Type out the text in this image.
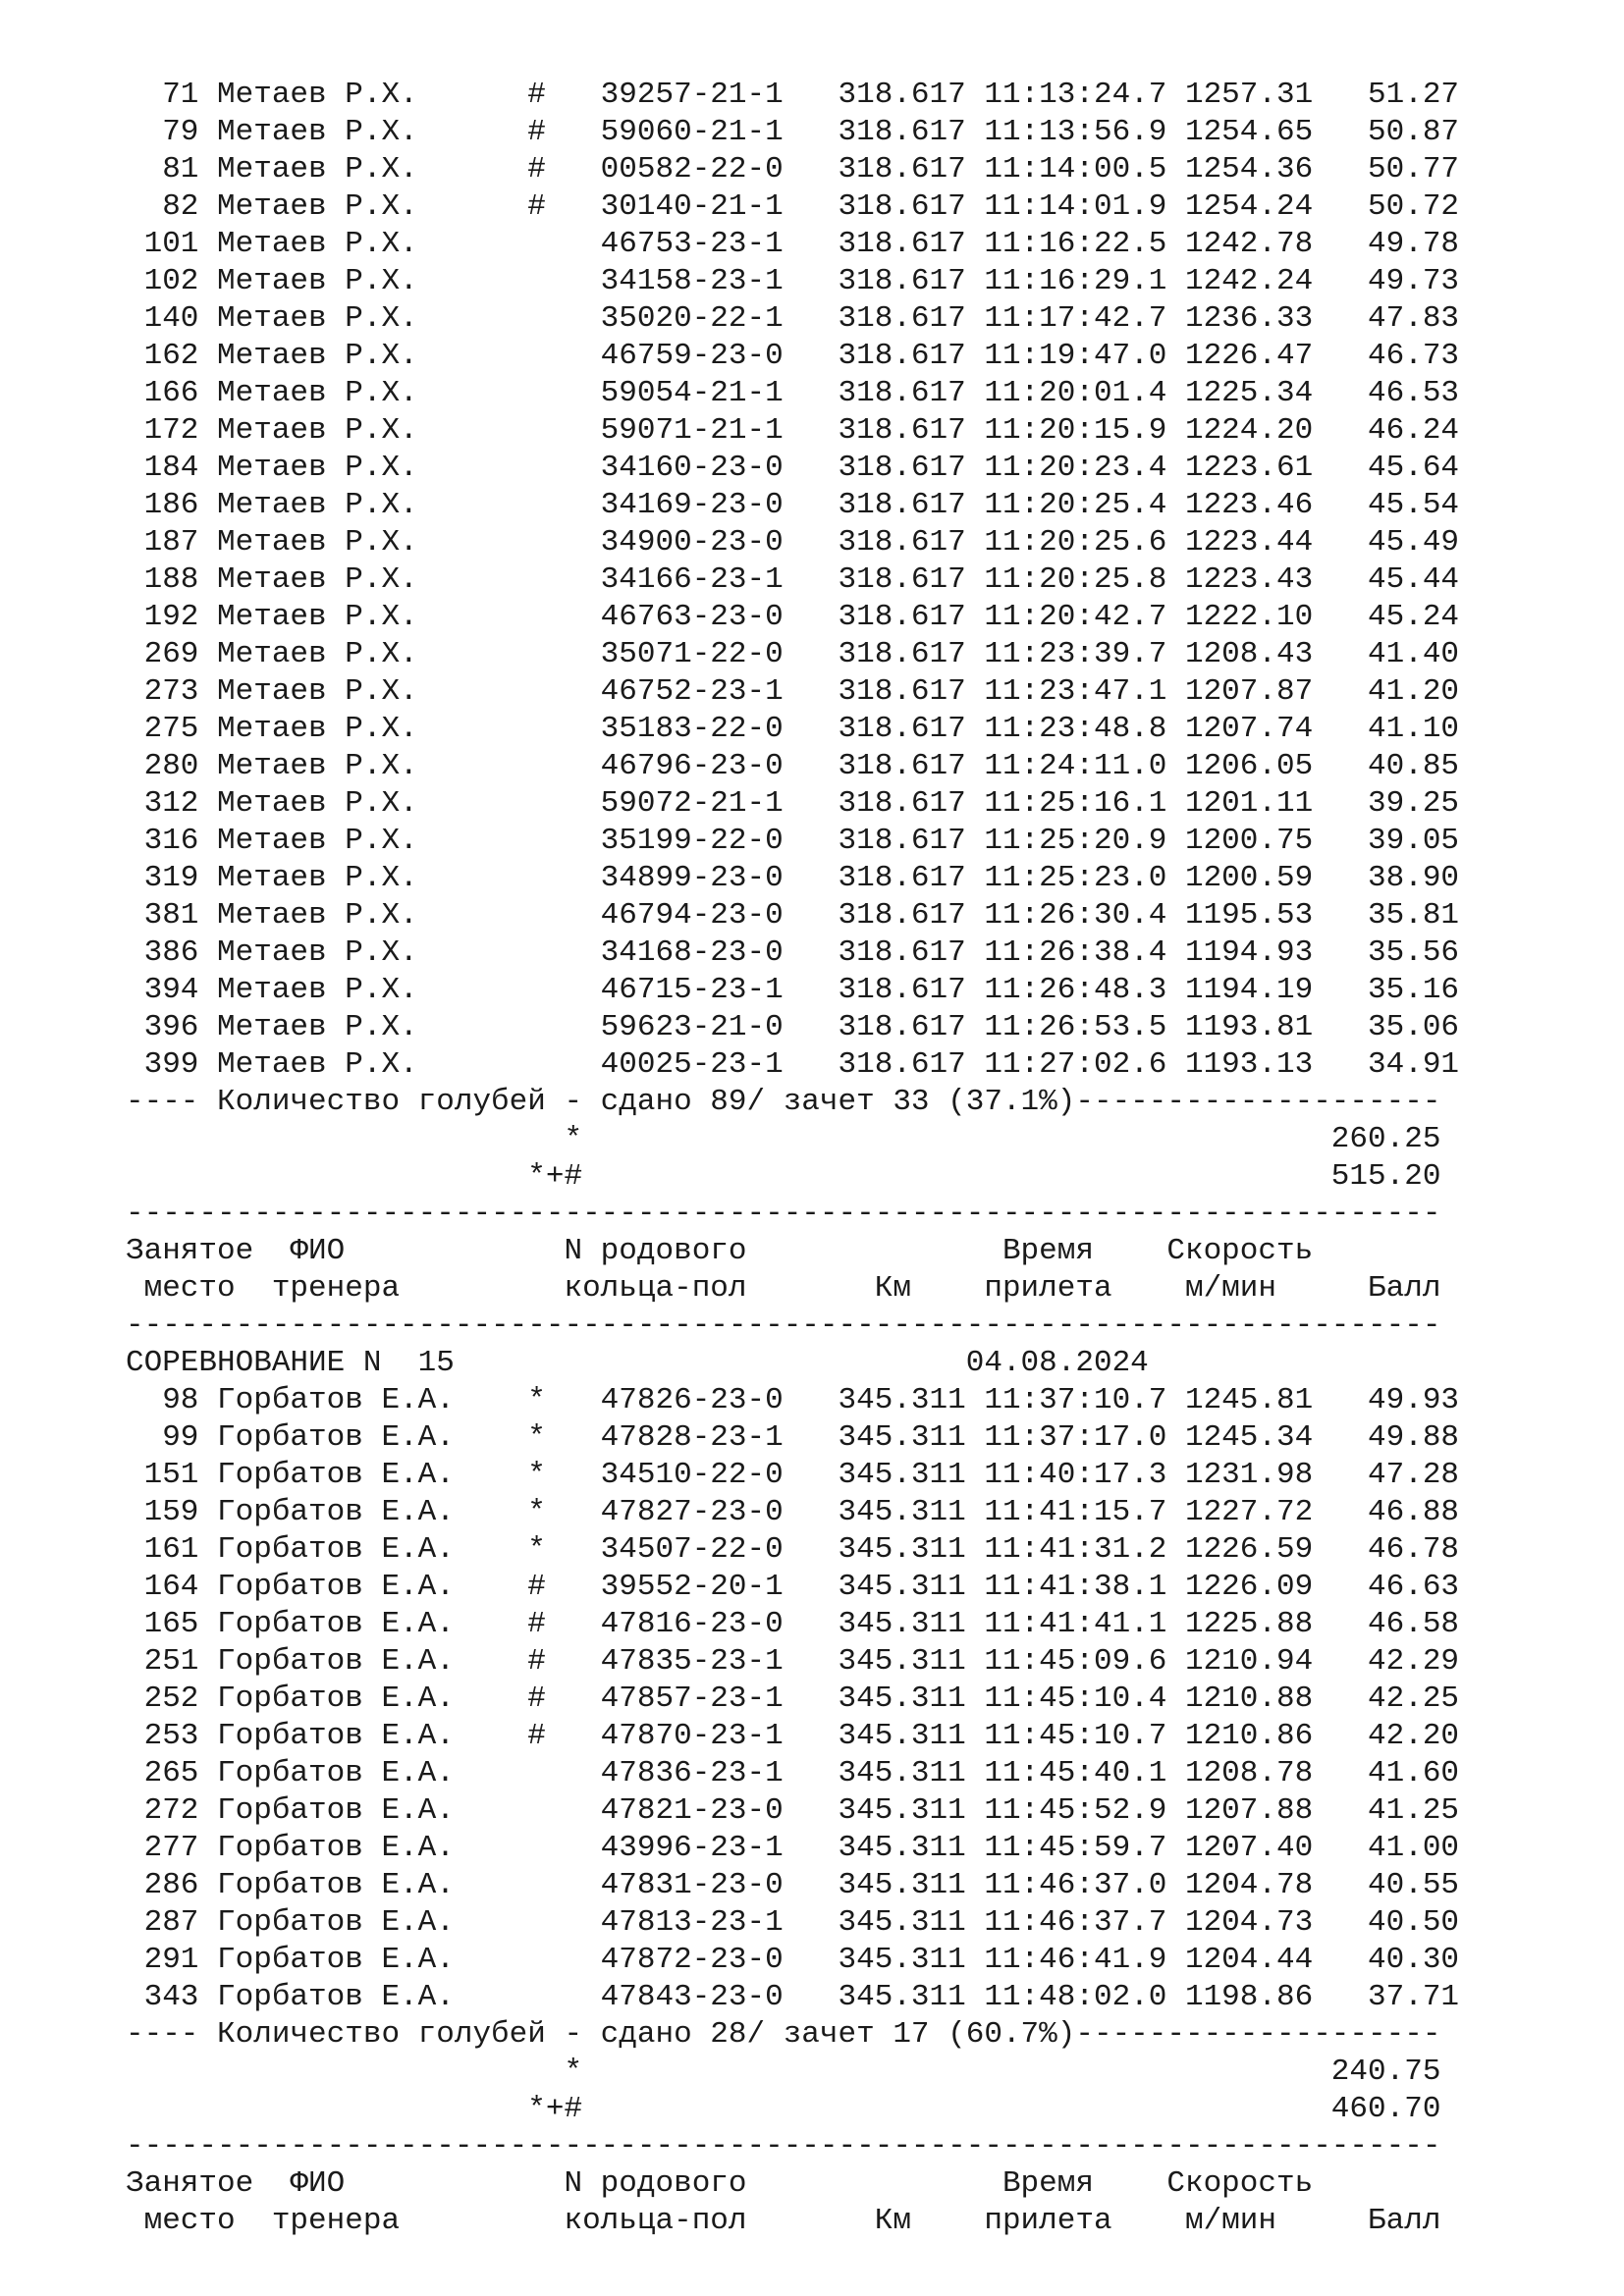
71 Метаев Р.Х.      #   39257-21-1   318.617 11:13:24.7 1257.31   51.27
79 Метаев Р.Х.      #   59060-21-1   318.617 11:13:56.9 1254.65   50.87
81 Метаев Р.Х.      #   00582-22-0   318.617 11:14:00.5 1254.36   50.77
82 Метаев Р.Х.      #   30140-21-1   318.617 11:14:01.9 1254.24   50.72
101 Метаев Р.Х.          46753-23-1   318.617 11:16:22.5 1242.78   49.78
102 Метаев Р.Х.          34158-23-1   318.617 11:16:29.1 1242.24   49.73
140 Метаев Р.Х.          35020-22-1   318.617 11:17:42.7 1236.33   47.83
162 Метаев Р.Х.          46759-23-0   318.617 11:19:47.0 1226.47   46.73
166 Метаев Р.Х.          59054-21-1   318.617 11:20:01.4 1225.34   46.53
172 Метаев Р.Х.          59071-21-1   318.617 11:20:15.9 1224.20   46.24
184 Метаев Р.Х.          34160-23-0   318.617 11:20:23.4 1223.61   45.64
186 Метаев Р.Х.          34169-23-0   318.617 11:20:25.4 1223.46   45.54
187 Метаев Р.Х.          34900-23-0   318.617 11:20:25.6 1223.44   45.49
188 Метаев Р.Х.          34166-23-1   318.617 11:20:25.8 1223.43   45.44
192 Метаев Р.Х.          46763-23-0   318.617 11:20:42.7 1222.10   45.24
269 Метаев Р.Х.          35071-22-0   318.617 11:23:39.7 1208.43   41.40
273 Метаев Р.Х.          46752-23-1   318.617 11:23:47.1 1207.87   41.20
275 Метаев Р.Х.          35183-22-0   318.617 11:23:48.8 1207.74   41.10
280 Метаев Р.Х.          46796-23-0   318.617 11:24:11.0 1206.05   40.85
312 Метаев Р.Х.          59072-21-1   318.617 11:25:16.1 1201.11   39.25
316 Метаев Р.Х.          35199-22-0   318.617 11:25:20.9 1200.75   39.05
319 Метаев Р.Х.          34899-23-0   318.617 11:25:23.0 1200.59   38.90
381 Метаев Р.Х.          46794-23-0   318.617 11:26:30.4 1195.53   35.81
386 Метаев Р.Х.          34168-23-0   318.617 11:26:38.4 1194.93   35.56
394 Метаев Р.Х.          46715-23-1   318.617 11:26:48.3 1194.19   35.16
396 Метаев Р.Х.          59623-21-0   318.617 11:26:53.5 1193.81   35.06
399 Метаев Р.Х.          40025-23-1   318.617 11:27:02.6 1193.13   34.91
---- Количество голубей - сдано 89/ зачет 33 (37.1%)--------------------
*                                         260.25
*+#                                         515.20
------------------------------------------------------------------------
Занятое  ФИО            N родового              Время    Скорость
место  тренера         кольца-пол       Км    прилета    м/мин     Балл
------------------------------------------------------------------------
СОРЕВНОВАНИЕ N  15                            04.08.2024
98 Горбатов Е.А.    *   47826-23-0   345.311 11:37:10.7 1245.81   49.93
99 Горбатов Е.А.    *   47828-23-1   345.311 11:37:17.0 1245.34   49.88
151 Горбатов Е.А.    *   34510-22-0   345.311 11:40:17.3 1231.98   47.28
159 Горбатов Е.А.    *   47827-23-0   345.311 11:41:15.7 1227.72   46.88
161 Горбатов Е.А.    *   34507-22-0   345.311 11:41:31.2 1226.59   46.78
164 Горбатов Е.А.    #   39552-20-1   345.311 11:41:38.1 1226.09   46.63
165 Горбатов Е.А.    #   47816-23-0   345.311 11:41:41.1 1225.88   46.58
251 Горбатов Е.А.    #   47835-23-1   345.311 11:45:09.6 1210.94   42.29
252 Горбатов Е.А.    #   47857-23-1   345.311 11:45:10.4 1210.88   42.25
253 Горбатов Е.А.    #   47870-23-1   345.311 11:45:10.7 1210.86   42.20
265 Горбатов Е.А.        47836-23-1   345.311 11:45:40.1 1208.78   41.60
272 Горбатов Е.А.        47821-23-0   345.311 11:45:52.9 1207.88   41.25
277 Горбатов Е.А.        43996-23-1   345.311 11:45:59.7 1207.40   41.00
286 Горбатов Е.А.        47831-23-0   345.311 11:46:37.0 1204.78   40.55
287 Горбатов Е.А.        47813-23-1   345.311 11:46:37.7 1204.73   40.50
291 Горбатов Е.А.        47872-23-0   345.311 11:46:41.9 1204.44   40.30
343 Горбатов Е.А.        47843-23-0   345.311 11:48:02.0 1198.86   37.71
---- Количество голубей - сдано 28/ зачет 17 (60.7%)--------------------
*                                         240.75
*+#                                         460.70
------------------------------------------------------------------------
Занятое  ФИО            N родового              Время    Скорость
место  тренера         кольца-пол       Км    прилета    м/мин     Балл
